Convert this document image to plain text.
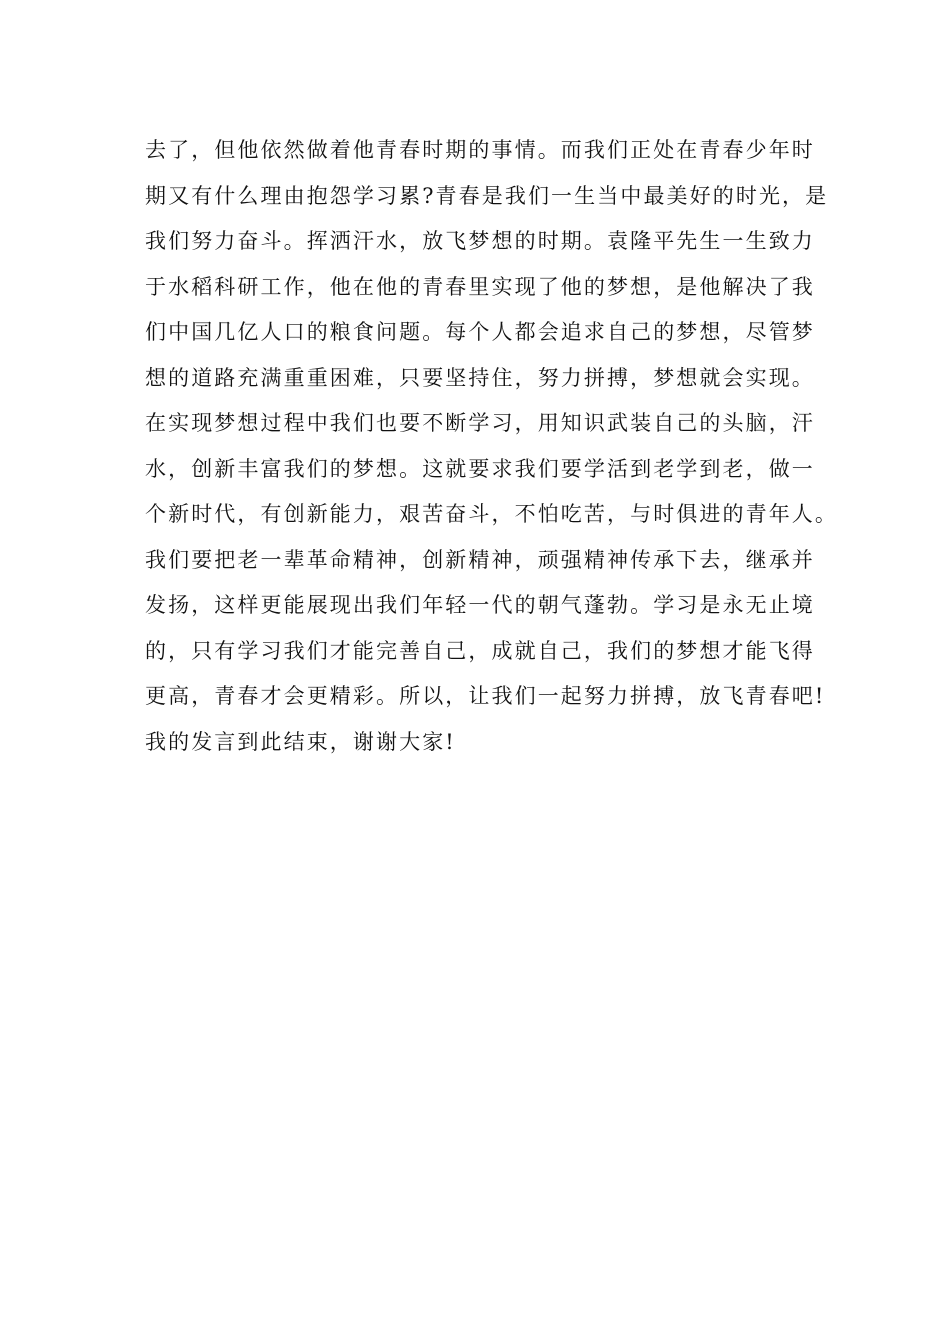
去了，但他依然做着他青春时期的事情。而我们正处在青春少年时
期又有什么理由抱怨学习累?青春是我们一生当中最美好的时光，是
我们努力奋斗。挥洒汗水，放飞梦想的时期。袁隆平先生一生致力
于水稻科研工作，他在他的青春里实现了他的梦想，是他解决了我
们中国几亿人口的粮食问题。每个人都会追求自己的梦想，尽管梦
想的道路充满重重困难，只要坚持住，努力拼搏，梦想就会实现。
在实现梦想过程中我们也要不断学习，用知识武装自己的头脑，汗
水，创新丰富我们的梦想。这就要求我们要学活到老学到老，做一
个新时代，有创新能力，艰苦奋斗，不怕吃苦，与时俱进的青年人。
我们要把老一辈革命精神，创新精神，顽强精神传承下去，继承并
发扬，这样更能展现出我们年轻一代的朝气蓬勃。学习是永无止境
的，只有学习我们才能完善自己，成就自己，我们的梦想才能飞得
更高，青春才会更精彩。所以，让我们一起努力拼搏，放飞青春吧!
我的发言到此结束，谢谢大家!
